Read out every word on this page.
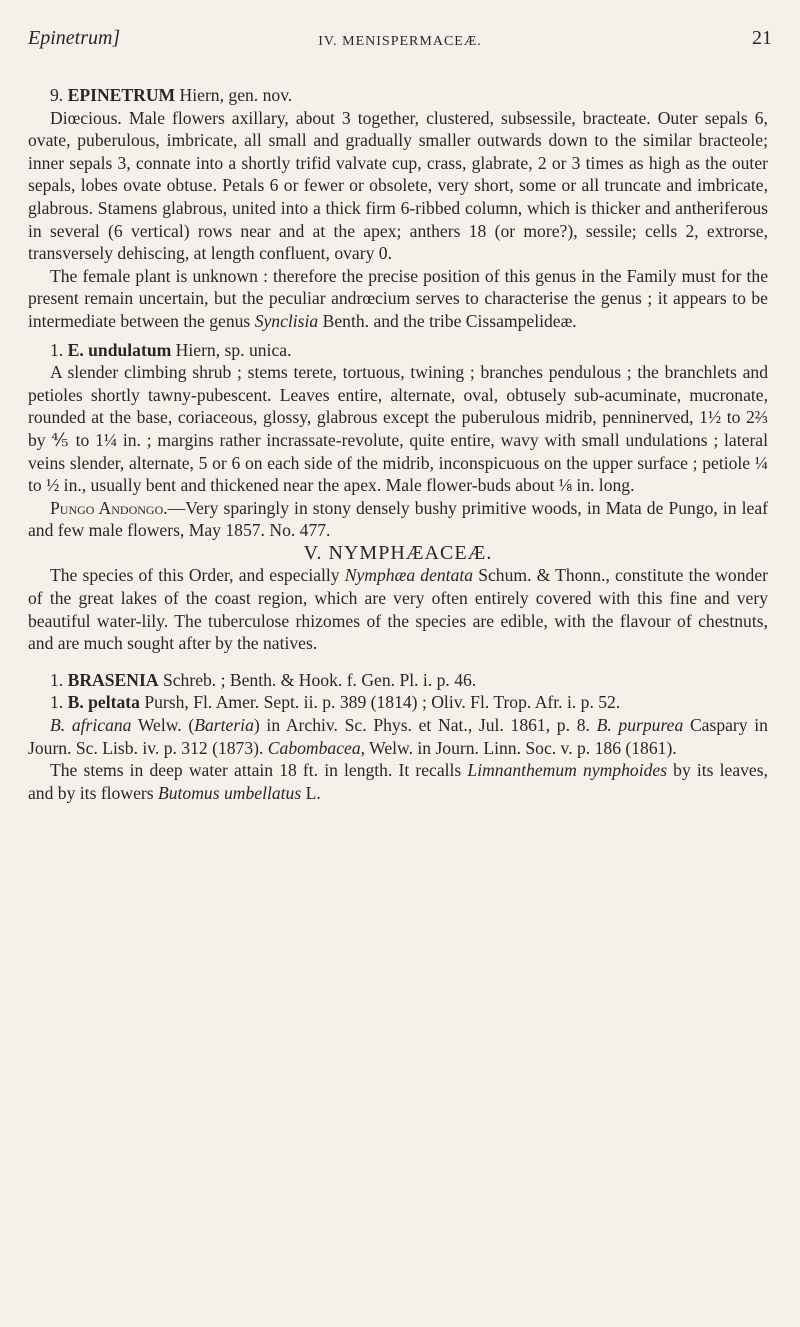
Epinetrum]	IV. MENISPERMACEÆ.	21

9. EPINETRUM Hiern, gen. nov.

Diœcious. Male flowers axillary, about 3 together, clustered, subsessile, bracteate. Outer sepals 6, ovate, puberulous, imbricate, all small and gradually smaller outwards down to the similar bracteole; inner sepals 3, connate into a shortly trifid valvate cup, crass, glabrate, 2 or 3 times as high as the outer sepals, lobes ovate obtuse. Petals 6 or fewer or obsolete, very short, some or all truncate and imbricate, glabrous. Stamens glabrous, united into a thick firm 6-ribbed column, which is thicker and antheriferous in several (6 vertical) rows near and at the apex; anthers 18 (or more?), sessile; cells 2, extrorse, transversely dehiscing, at length confluent, ovary 0.

The female plant is unknown : therefore the precise position of this genus in the Family must for the present remain uncertain, but the peculiar andrœcium serves to characterise the genus ; it appears to be intermediate between the genus Synclisia Benth. and the tribe Cissampelideæ.

1. E. undulatum Hiern, sp. unica.

A slender climbing shrub ; stems terete, tortuous, twining ; branches pendulous ; the branchlets and petioles shortly tawny-pubescent. Leaves entire, alternate, oval, obtusely sub-acuminate, mucronate, rounded at the base, coriaceous, glossy, glabrous except the puberulous midrib, penninerved, 1½ to 2⅔ by ⅘ to 1¼ in. ; margins rather incrassate-revolute, quite entire, wavy with small undulations ; lateral veins slender, alternate, 5 or 6 on each side of the midrib, inconspicuous on the upper surface ; petiole ¼ to ½ in., usually bent and thickened near the apex. Male flower-buds about ⅛ in. long.

Pungo Andongo.—Very sparingly in stony densely bushy primitive woods, in Mata de Pungo, in leaf and few male flowers, May 1857. No. 477.

V. NYMPHÆACEÆ.

The species of this Order, and especially Nymphæa dentata Schum. & Thonn., constitute the wonder of the great lakes of the coast region, which are very often entirely covered with this fine and very beautiful water-lily. The tuberculose rhizomes of the species are edible, with the flavour of chestnuts, and are much sought after by the natives.

1. BRASENIA Schreb. ; Benth. & Hook. f. Gen. Pl. i. p. 46.

1. B. peltata Pursh, Fl. Amer. Sept. ii. p. 389 (1814) ; Oliv. Fl. Trop. Afr. i. p. 52.

B. africana Welw. (Barteria) in Archiv. Sc. Phys. et Nat., Jul. 1861, p. 8. B. purpurea Caspary in Journ. Sc. Lisb. iv. p. 312 (1873). Cabombacea, Welw. in Journ. Linn. Soc. v. p. 186 (1861).

The stems in deep water attain 18 ft. in length. It recalls Limnanthemum nymphoides by its leaves, and by its flowers Butomus umbellatus L.
